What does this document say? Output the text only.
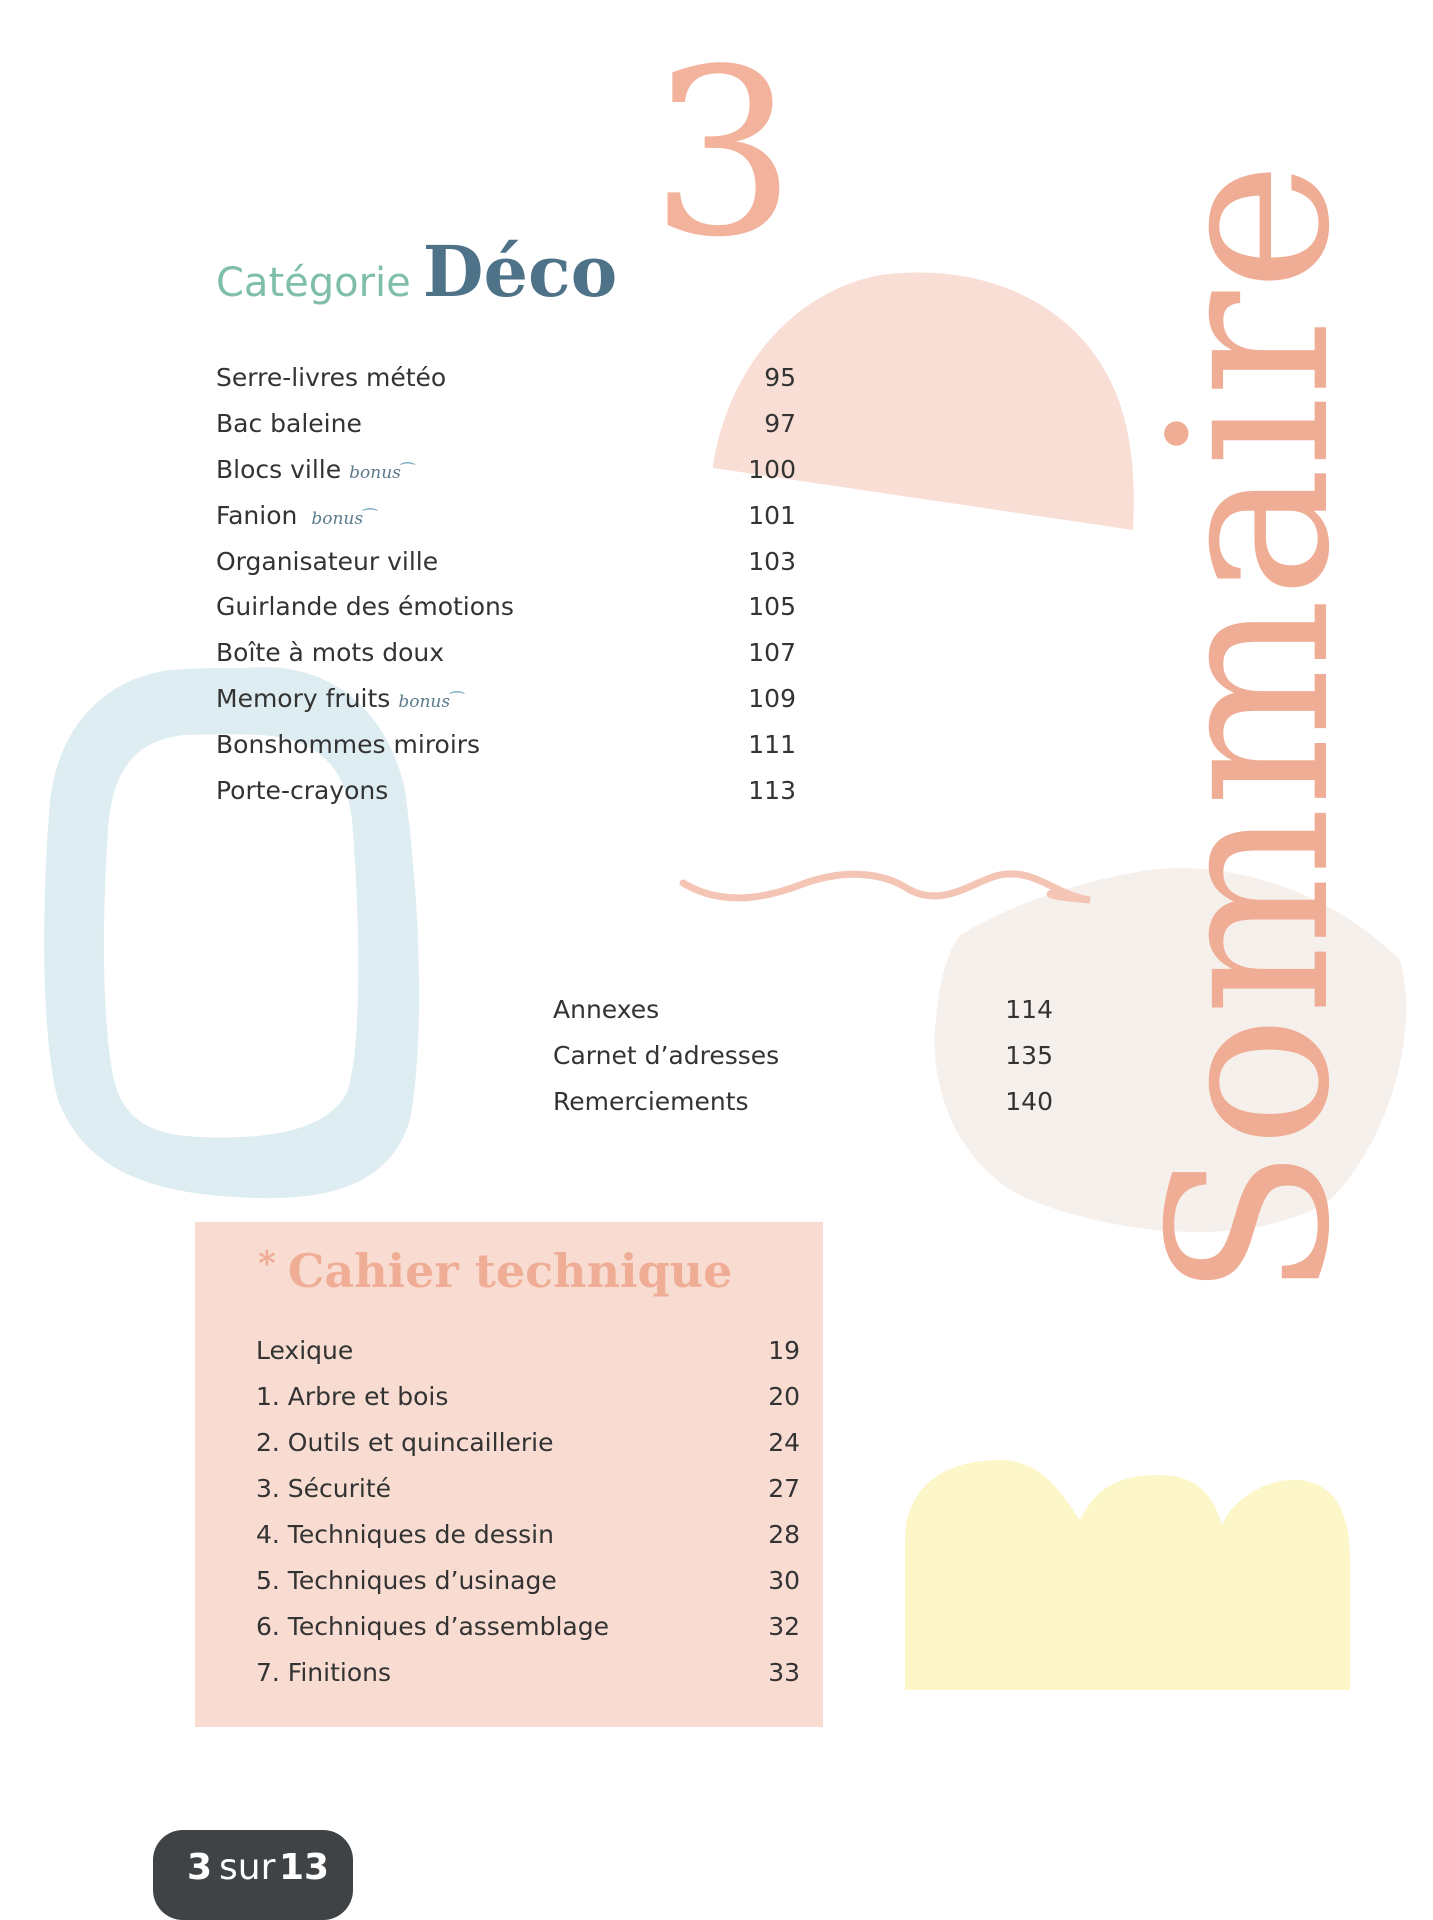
3
Sommaire
Catégorie Déco
Serre-livres météo	95
Bac baleine	97
Blocs ville bonus ⁀	100
Fanion bonus ⁀	101
Organisateur ville	103
Guirlande des émotions	105
Boîte à mots doux	107
Memory fruits bonus ⁀	109
Bonshommes miroirs	111
Porte-crayons	113
Annexes	114
Carnet d’adresses	135
Remerciements	140
* Cahier technique
Lexique	19
1. Arbre et bois	20
2. Outils et quincaillerie	24
3. Sécurité	27
4. Techniques de dessin	28
5. Techniques d’usinage	30
6. Techniques d’assemblage	32
7. Finitions	33
3 sur 13
